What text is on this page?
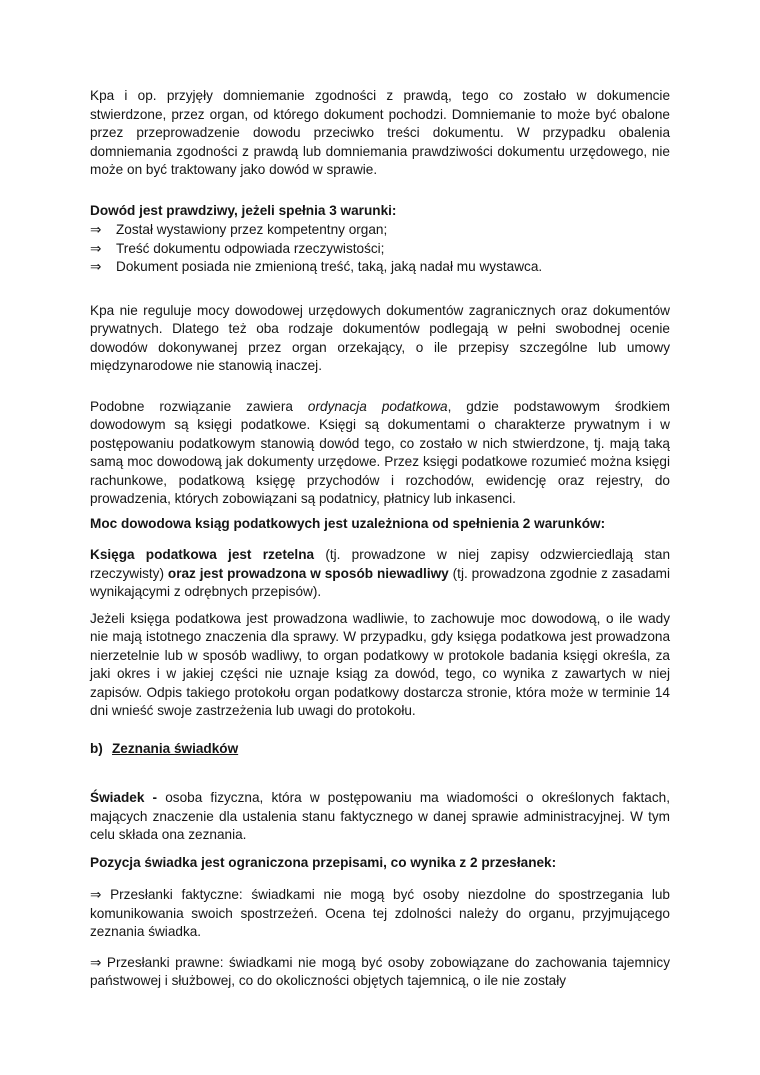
Kpa i op. przyjęły domniemanie zgodności z prawdą, tego co zostało w dokumencie stwierdzone, przez organ, od którego dokument pochodzi. Domniemanie to może być obalone przez przeprowadzenie dowodu przeciwko treści dokumentu. W przypadku obalenia domniemania zgodności z prawdą lub domniemania prawdziwości dokumentu urzędowego, nie może on być traktowany jako dowód w sprawie.
Dowód jest prawdziwy, jeżeli spełnia 3 warunki:
⇒ Został wystawiony przez kompetentny organ;
⇒ Treść dokumentu odpowiada rzeczywistości;
⇒ Dokument posiada nie zmienioną treść, taką, jaką nadał mu wystawca.
Kpa nie reguluje mocy dowodowej urzędowych dokumentów zagranicznych oraz dokumentów prywatnych. Dlatego też oba rodzaje dokumentów podlegają w pełni swobodnej ocenie dowodów dokonywanej przez organ orzekający, o ile przepisy szczególne lub umowy międzynarodowe nie stanowią inaczej.
Podobne rozwiązanie zawiera ordynacja podatkowa, gdzie podstawowym środkiem dowodowym są księgi podatkowe. Księgi są dokumentami o charakterze prywatnym i w postępowaniu podatkowym stanowią dowód tego, co zostało w nich stwierdzone, tj. mają taką samą moc dowodową jak dokumenty urzędowe. Przez księgi podatkowe rozumieć można księgi rachunkowe, podatkową księgę przychodów i rozchodów, ewidencję oraz rejestry, do prowadzenia, których zobowiązani są podatnicy, płatnicy lub inkasenci.
Moc dowodowa ksiąg podatkowych jest uzależniona od spełnienia 2 warunków:
Księga podatkowa jest rzetelna (tj. prowadzone w niej zapisy odzwierciedlają stan rzeczywisty) oraz jest prowadzona w sposób niewadliwy (tj. prowadzona zgodnie z zasadami wynikającymi z odrębnych przepisów).
Jeżeli księga podatkowa jest prowadzona wadliwie, to zachowuje moc dowodową, o ile wady nie mają istotnego znaczenia dla sprawy. W przypadku, gdy księga podatkowa jest prowadzona nierzetelnie lub w sposób wadliwy, to organ podatkowy w protokole badania księgi określa, za jaki okres i w jakiej części nie uznaje ksiąg za dowód, tego, co wynika z zawartych w niej zapisów. Odpis takiego protokołu organ podatkowy dostarcza stronie, która może w terminie 14 dni wnieść swoje zastrzeżenia lub uwagi do protokołu.
b) Zeznania świadków
Świadek - osoba fizyczna, która w postępowaniu ma wiadomości o określonych faktach, mających znaczenie dla ustalenia stanu faktycznego w danej sprawie administracyjnej. W tym celu składa ona zeznania.
Pozycja świadka jest ograniczona przepisami, co wynika z 2 przesłanek:
⇒ Przesłanki faktyczne: świadkami nie mogą być osoby niezdolne do spostrzegania lub komunikowania swoich spostrzeżeń. Ocena tej zdolności należy do organu, przyjmującego zeznania świadka.
⇒ Przesłanki prawne: świadkami nie mogą być osoby zobowiązane do zachowania tajemnicy państwowej i służbowej, co do okoliczności objętych tajemnicą, o ile nie zostały
